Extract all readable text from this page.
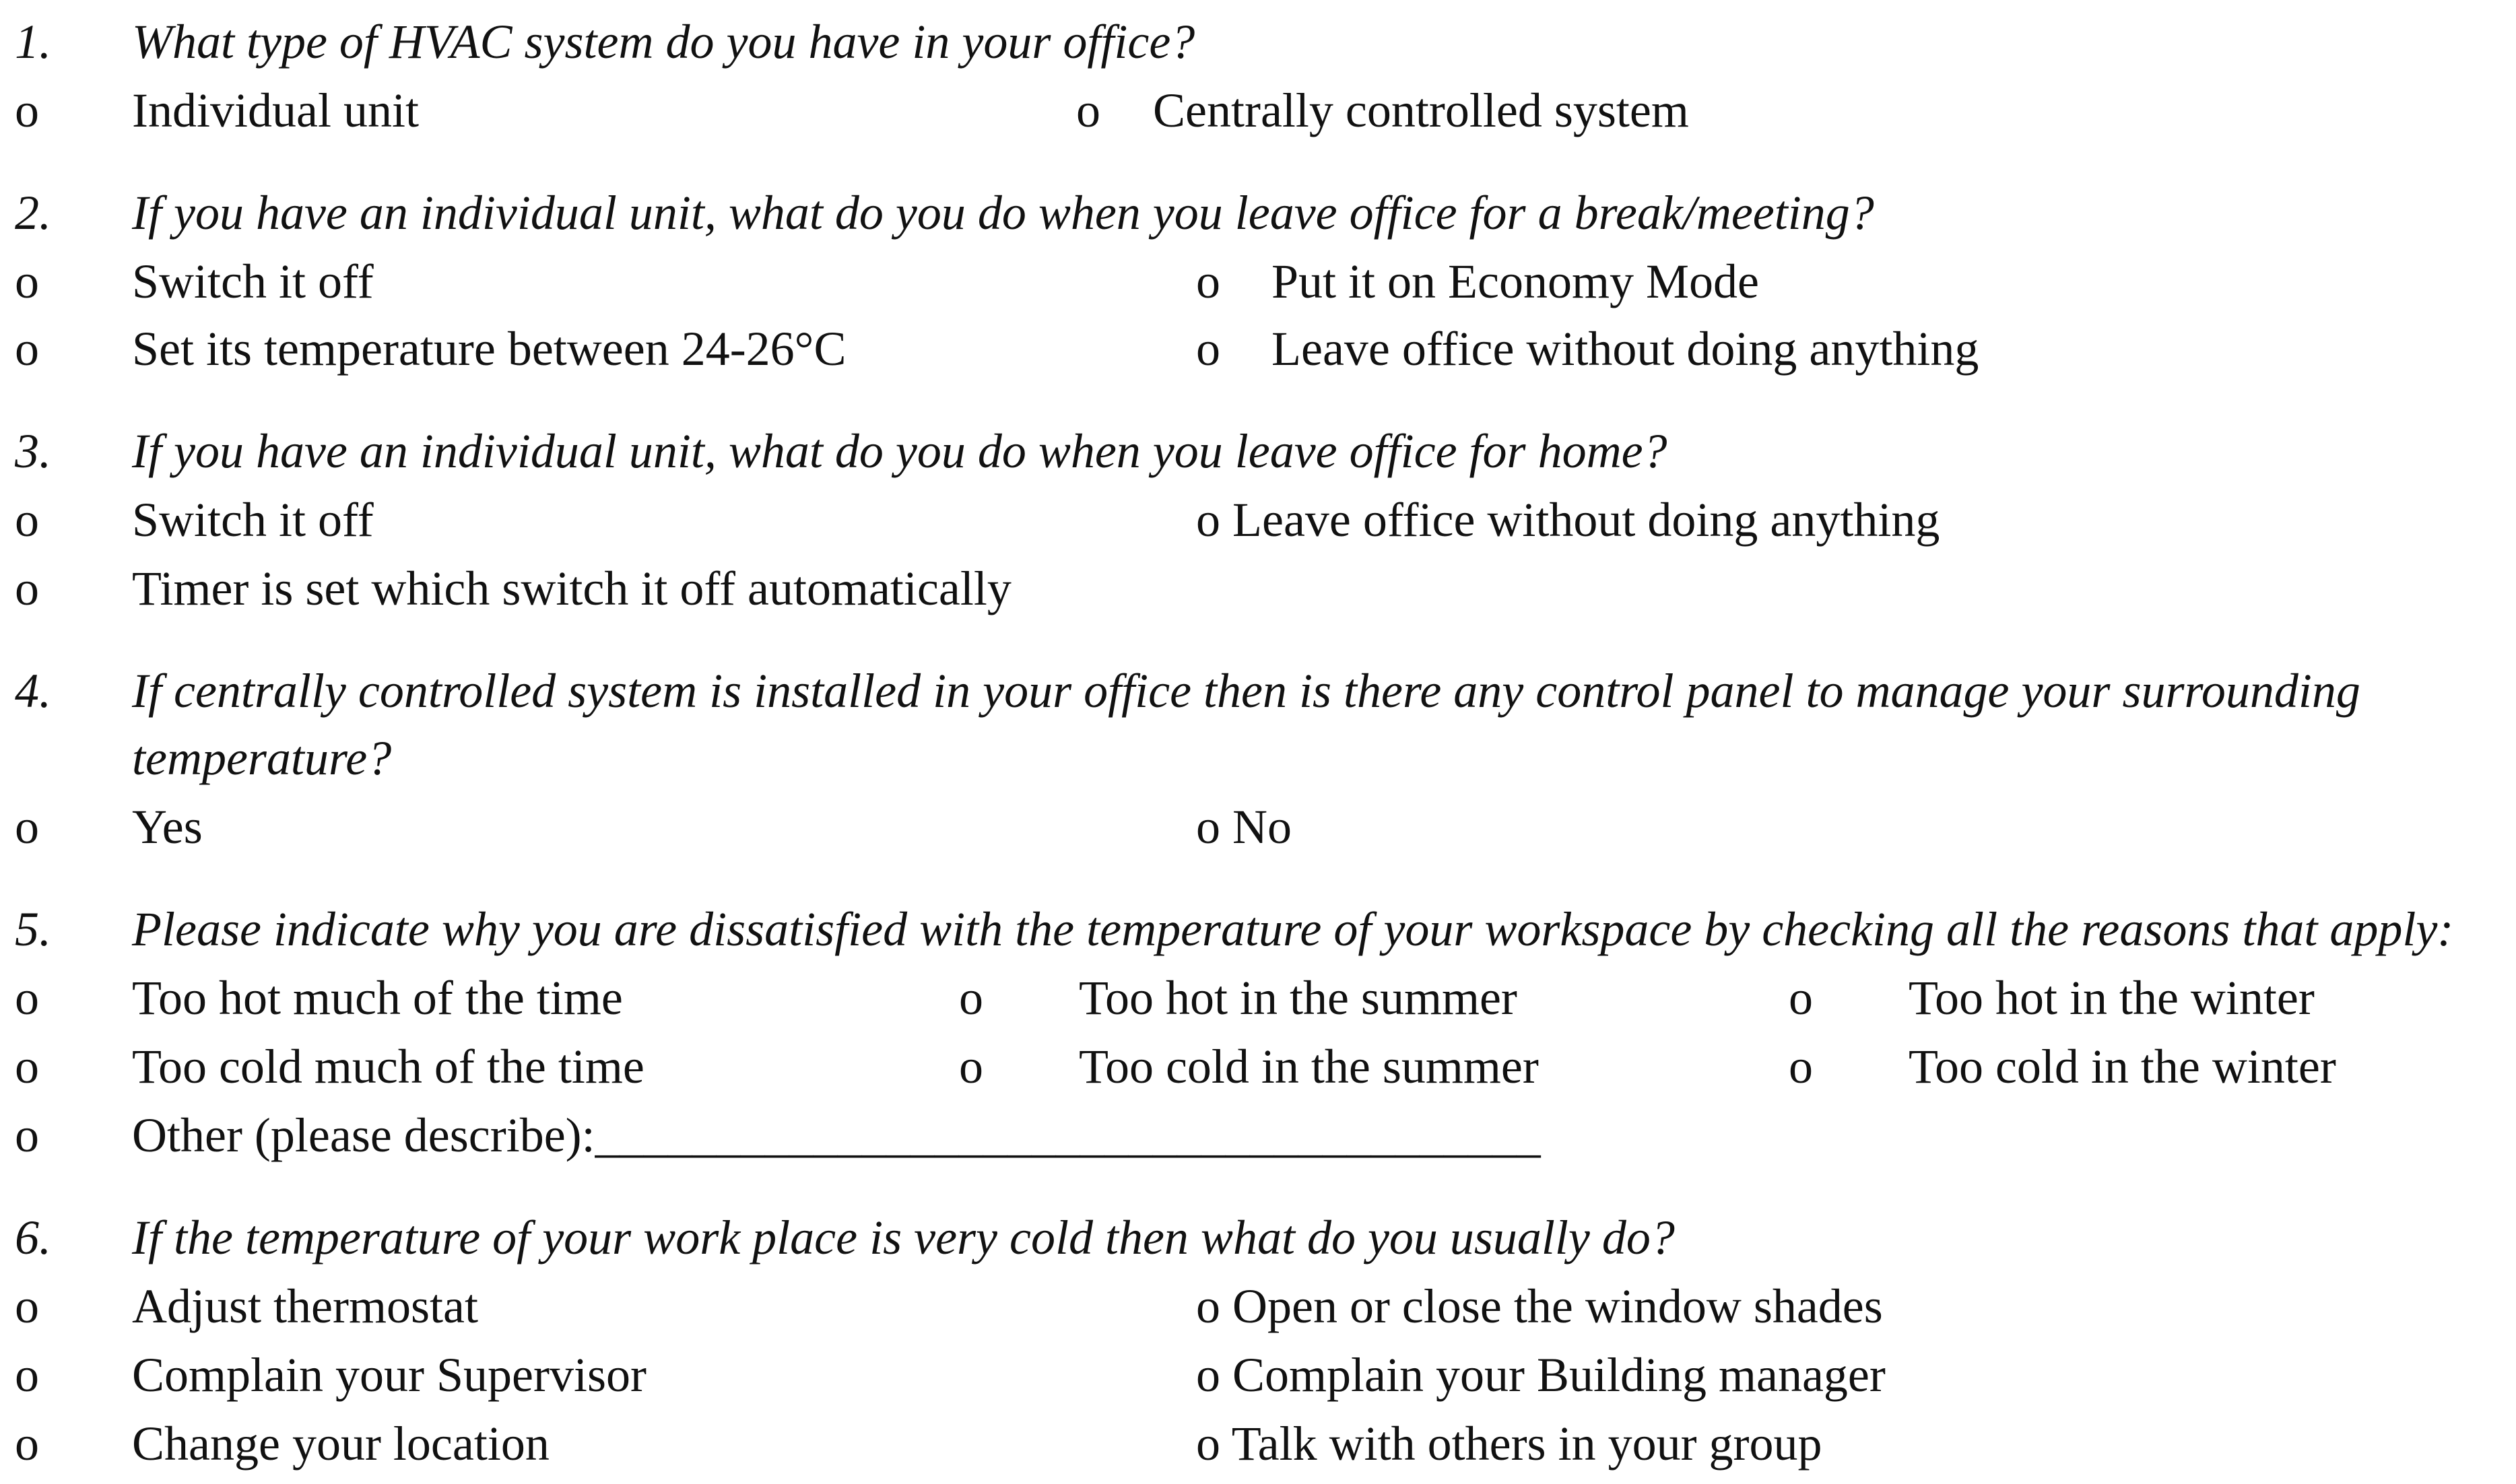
1. What type of HVAC system do you have in your office?
o Individual unit	o Centrally controlled system
2. If you have an individual unit, what do you do when you leave office for a break/meeting?
o Switch it off	o Put it on Economy Mode
o Set its temperature between 24-26°C	o Leave office without doing anything
3. If you have an individual unit, what do you do when you leave office for home?
o Switch it off	o Leave office without doing anything
o Timer is set which switch it off automatically
4. If centrally controlled system is installed in your office then is there any control panel to manage your surrounding
temperature?
o Yes	o No
5. Please indicate why you are dissatisfied with the temperature of your workspace by checking all the reasons that apply:
o Too hot much of the time	o Too hot in the summer	o Too hot in the winter
o Too cold much of the time	o Too cold in the summer	o Too cold in the winter
o Other (please describe):_______________________________________
6. If the temperature of your work place is very cold then what do you usually do?
o Adjust thermostat	o Open or close the window shades
o Complain your Supervisor	o Complain your Building manager
o Change your location	o Talk with others in your group
